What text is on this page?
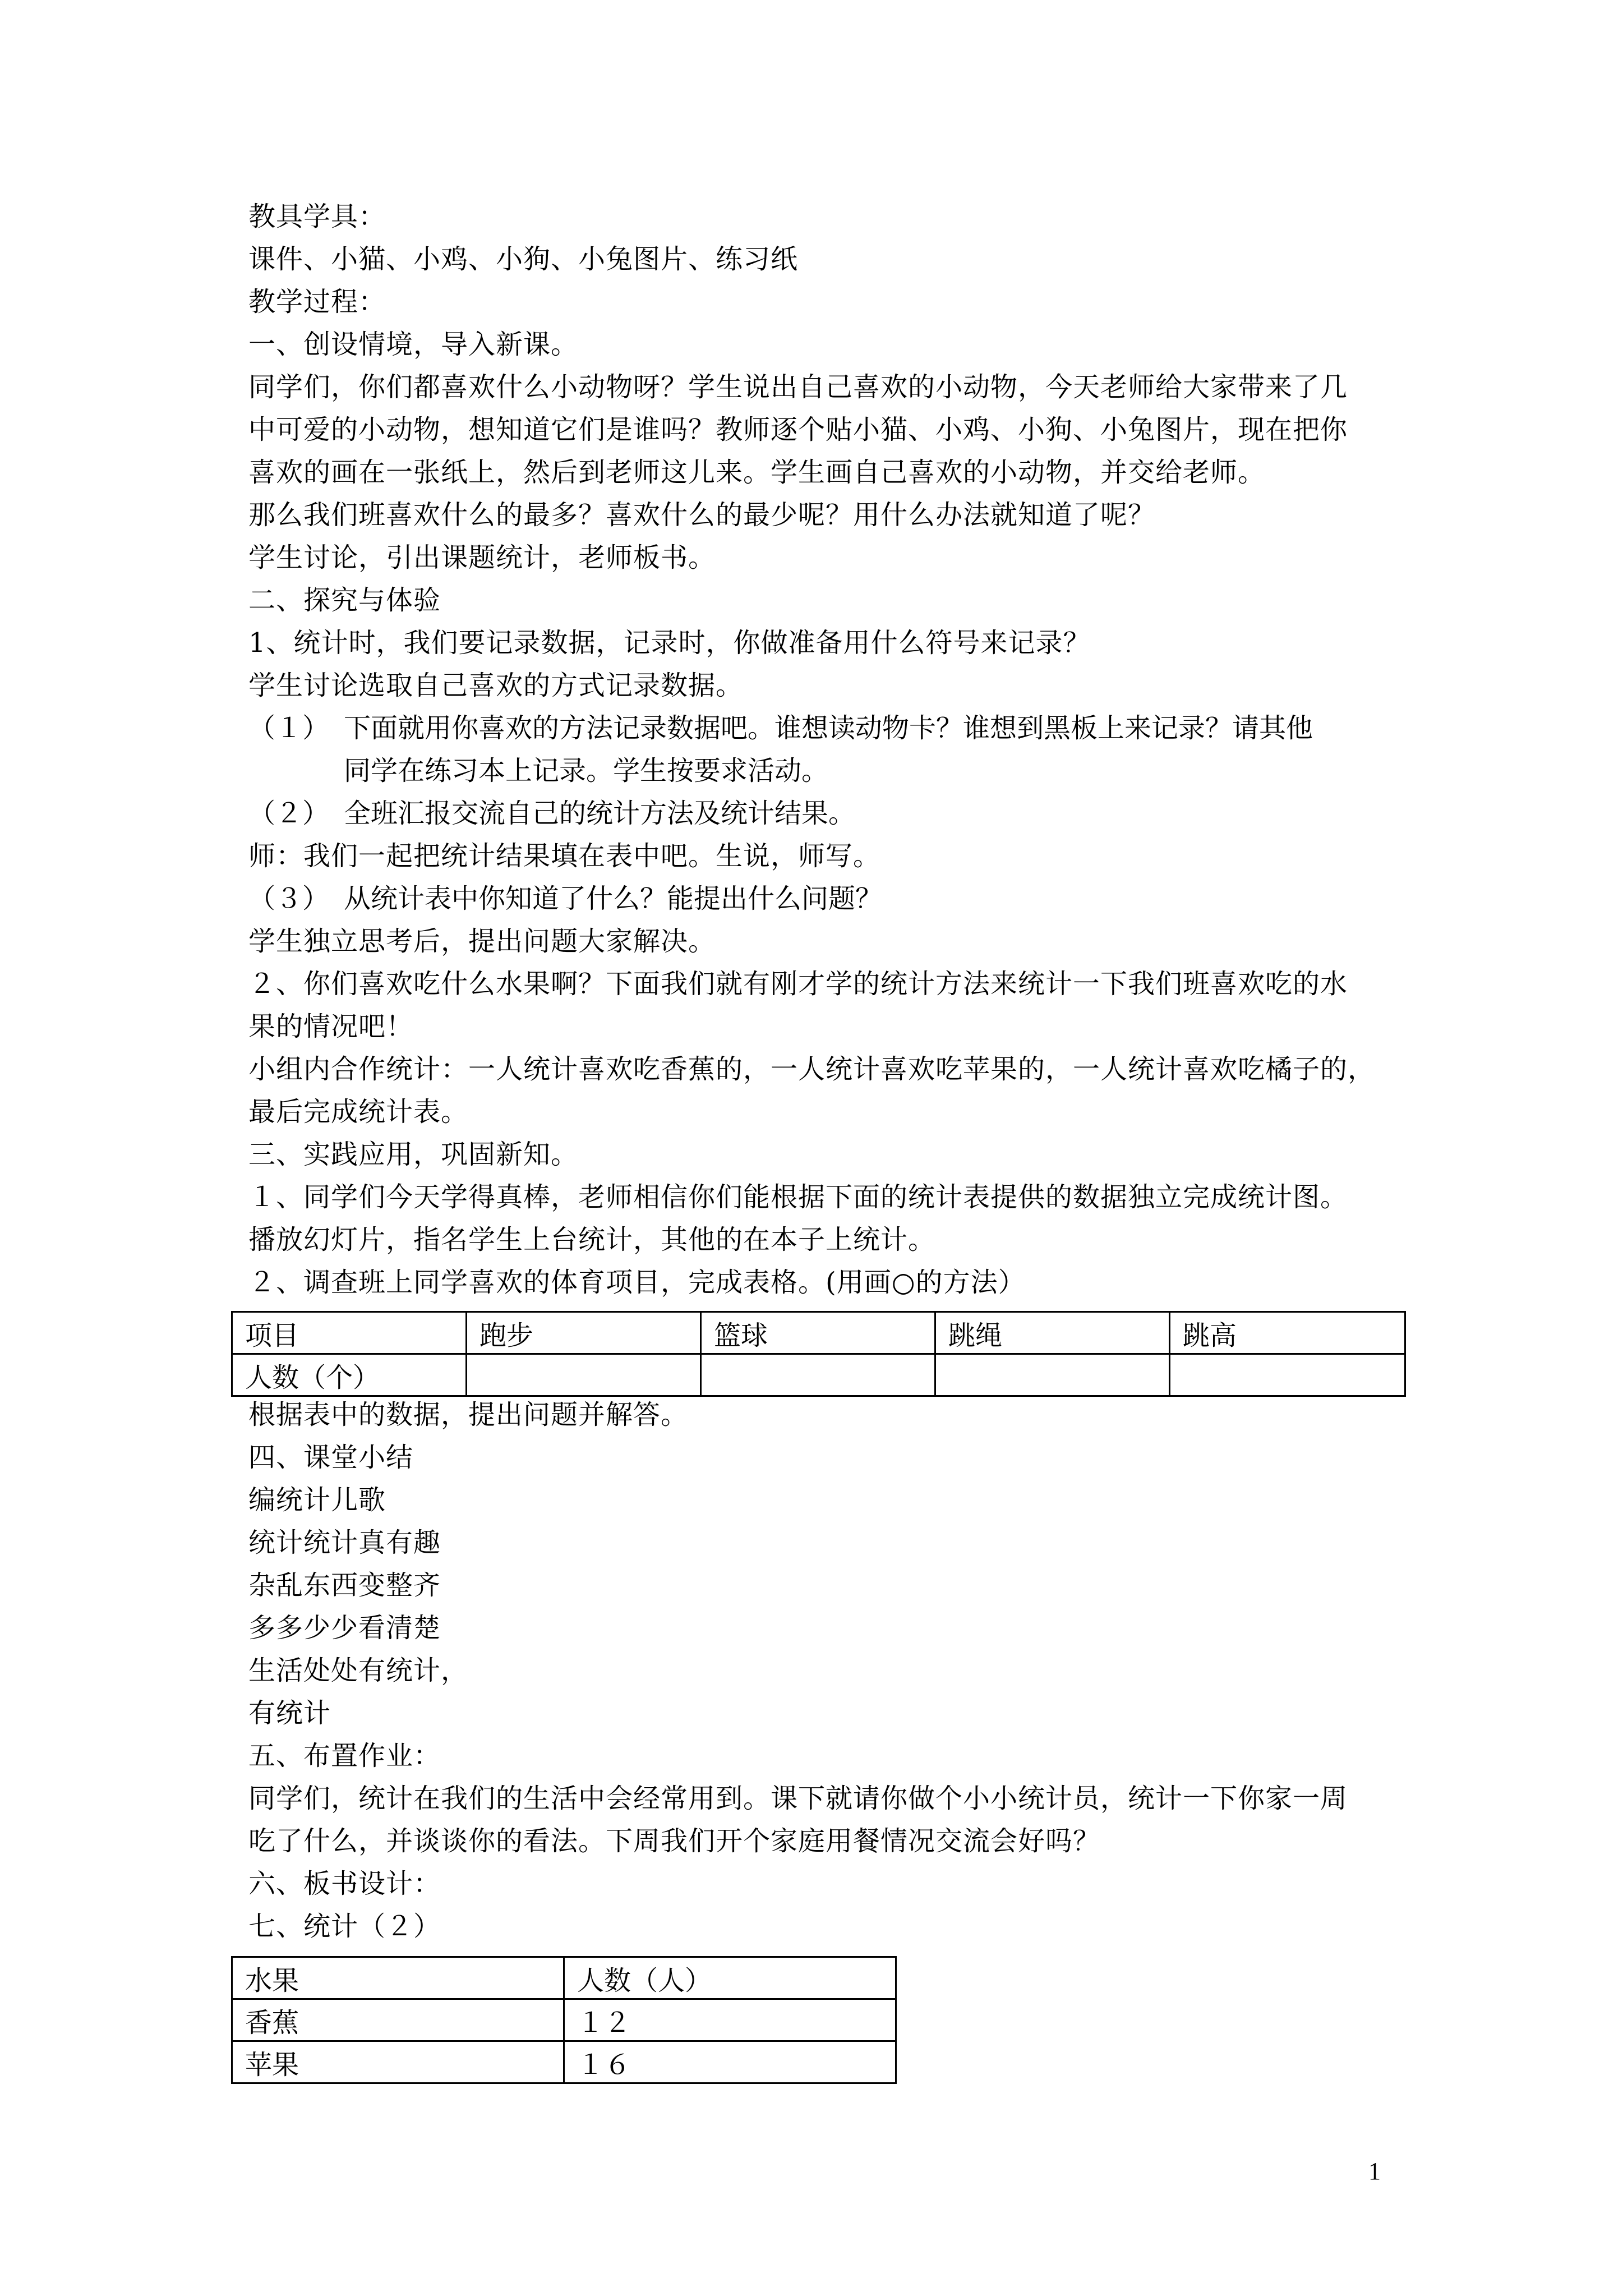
教具学具：
课件、小猫、小鸡、小狗、小兔图片、练习纸
教学过程：
一、创设情境，导入新课。
同学们，你们都喜欢什么小动物呀？学生说出自己喜欢的小动物，今天老师给大家带来了几
中可爱的小动物，想知道它们是谁吗？教师逐个贴小猫、小鸡、小狗、小兔图片，现在把你
喜欢的画在一张纸上，然后到老师这儿来。学生画自己喜欢的小动物，并交给老师。
那么我们班喜欢什么的最多？喜欢什么的最少呢？用什么办法就知道了呢？
学生讨论，引出课题统计，老师板书。
二、探究与体验
1、统计时，我们要记录数据，记录时，你做准备用什么符号来记录？
学生讨论选取自己喜欢的方式记录数据。
（１） 下面就用你喜欢的方法记录数据吧。谁想读动物卡？谁想到黑板上来记录？请其他
同学在练习本上记录。学生按要求活动。
（２） 全班汇报交流自己的统计方法及统计结果。
师：我们一起把统计结果填在表中吧。生说，师写。
（３） 从统计表中你知道了什么？能提出什么问题？
学生独立思考后，提出问题大家解决。
２、你们喜欢吃什么水果啊？下面我们就有刚才学的统计方法来统计一下我们班喜欢吃的水
果的情况吧！
小组内合作统计：一人统计喜欢吃香蕉的，一人统计喜欢吃苹果的，一人统计喜欢吃橘子的，
最后完成统计表。
三、实践应用，巩固新知。
１、同学们今天学得真棒，老师相信你们能根据下面的统计表提供的数据独立完成统计图。
播放幻灯片，指名学生上台统计，其他的在本子上统计。
２、调查班上同学喜欢的体育项目，完成表格。(用画○的方法）
根据表中的数据，提出问题并解答。
四、课堂小结
编统计儿歌
统计统计真有趣
杂乱东西变整齐
多多少少看清楚
生活处处有统计，
有统计
五、布置作业：
同学们，统计在我们的生活中会经常用到。课下就请你做个小小统计员，统计一下你家一周
吃了什么，并谈谈你的看法。下周我们开个家庭用餐情况交流会好吗？
六、板书设计：
七、统计（２）
项目	跑步	篮球	跳绳	跳高
人数（个）				
水果	人数（人）
香蕉	１２
苹果	１６
1
